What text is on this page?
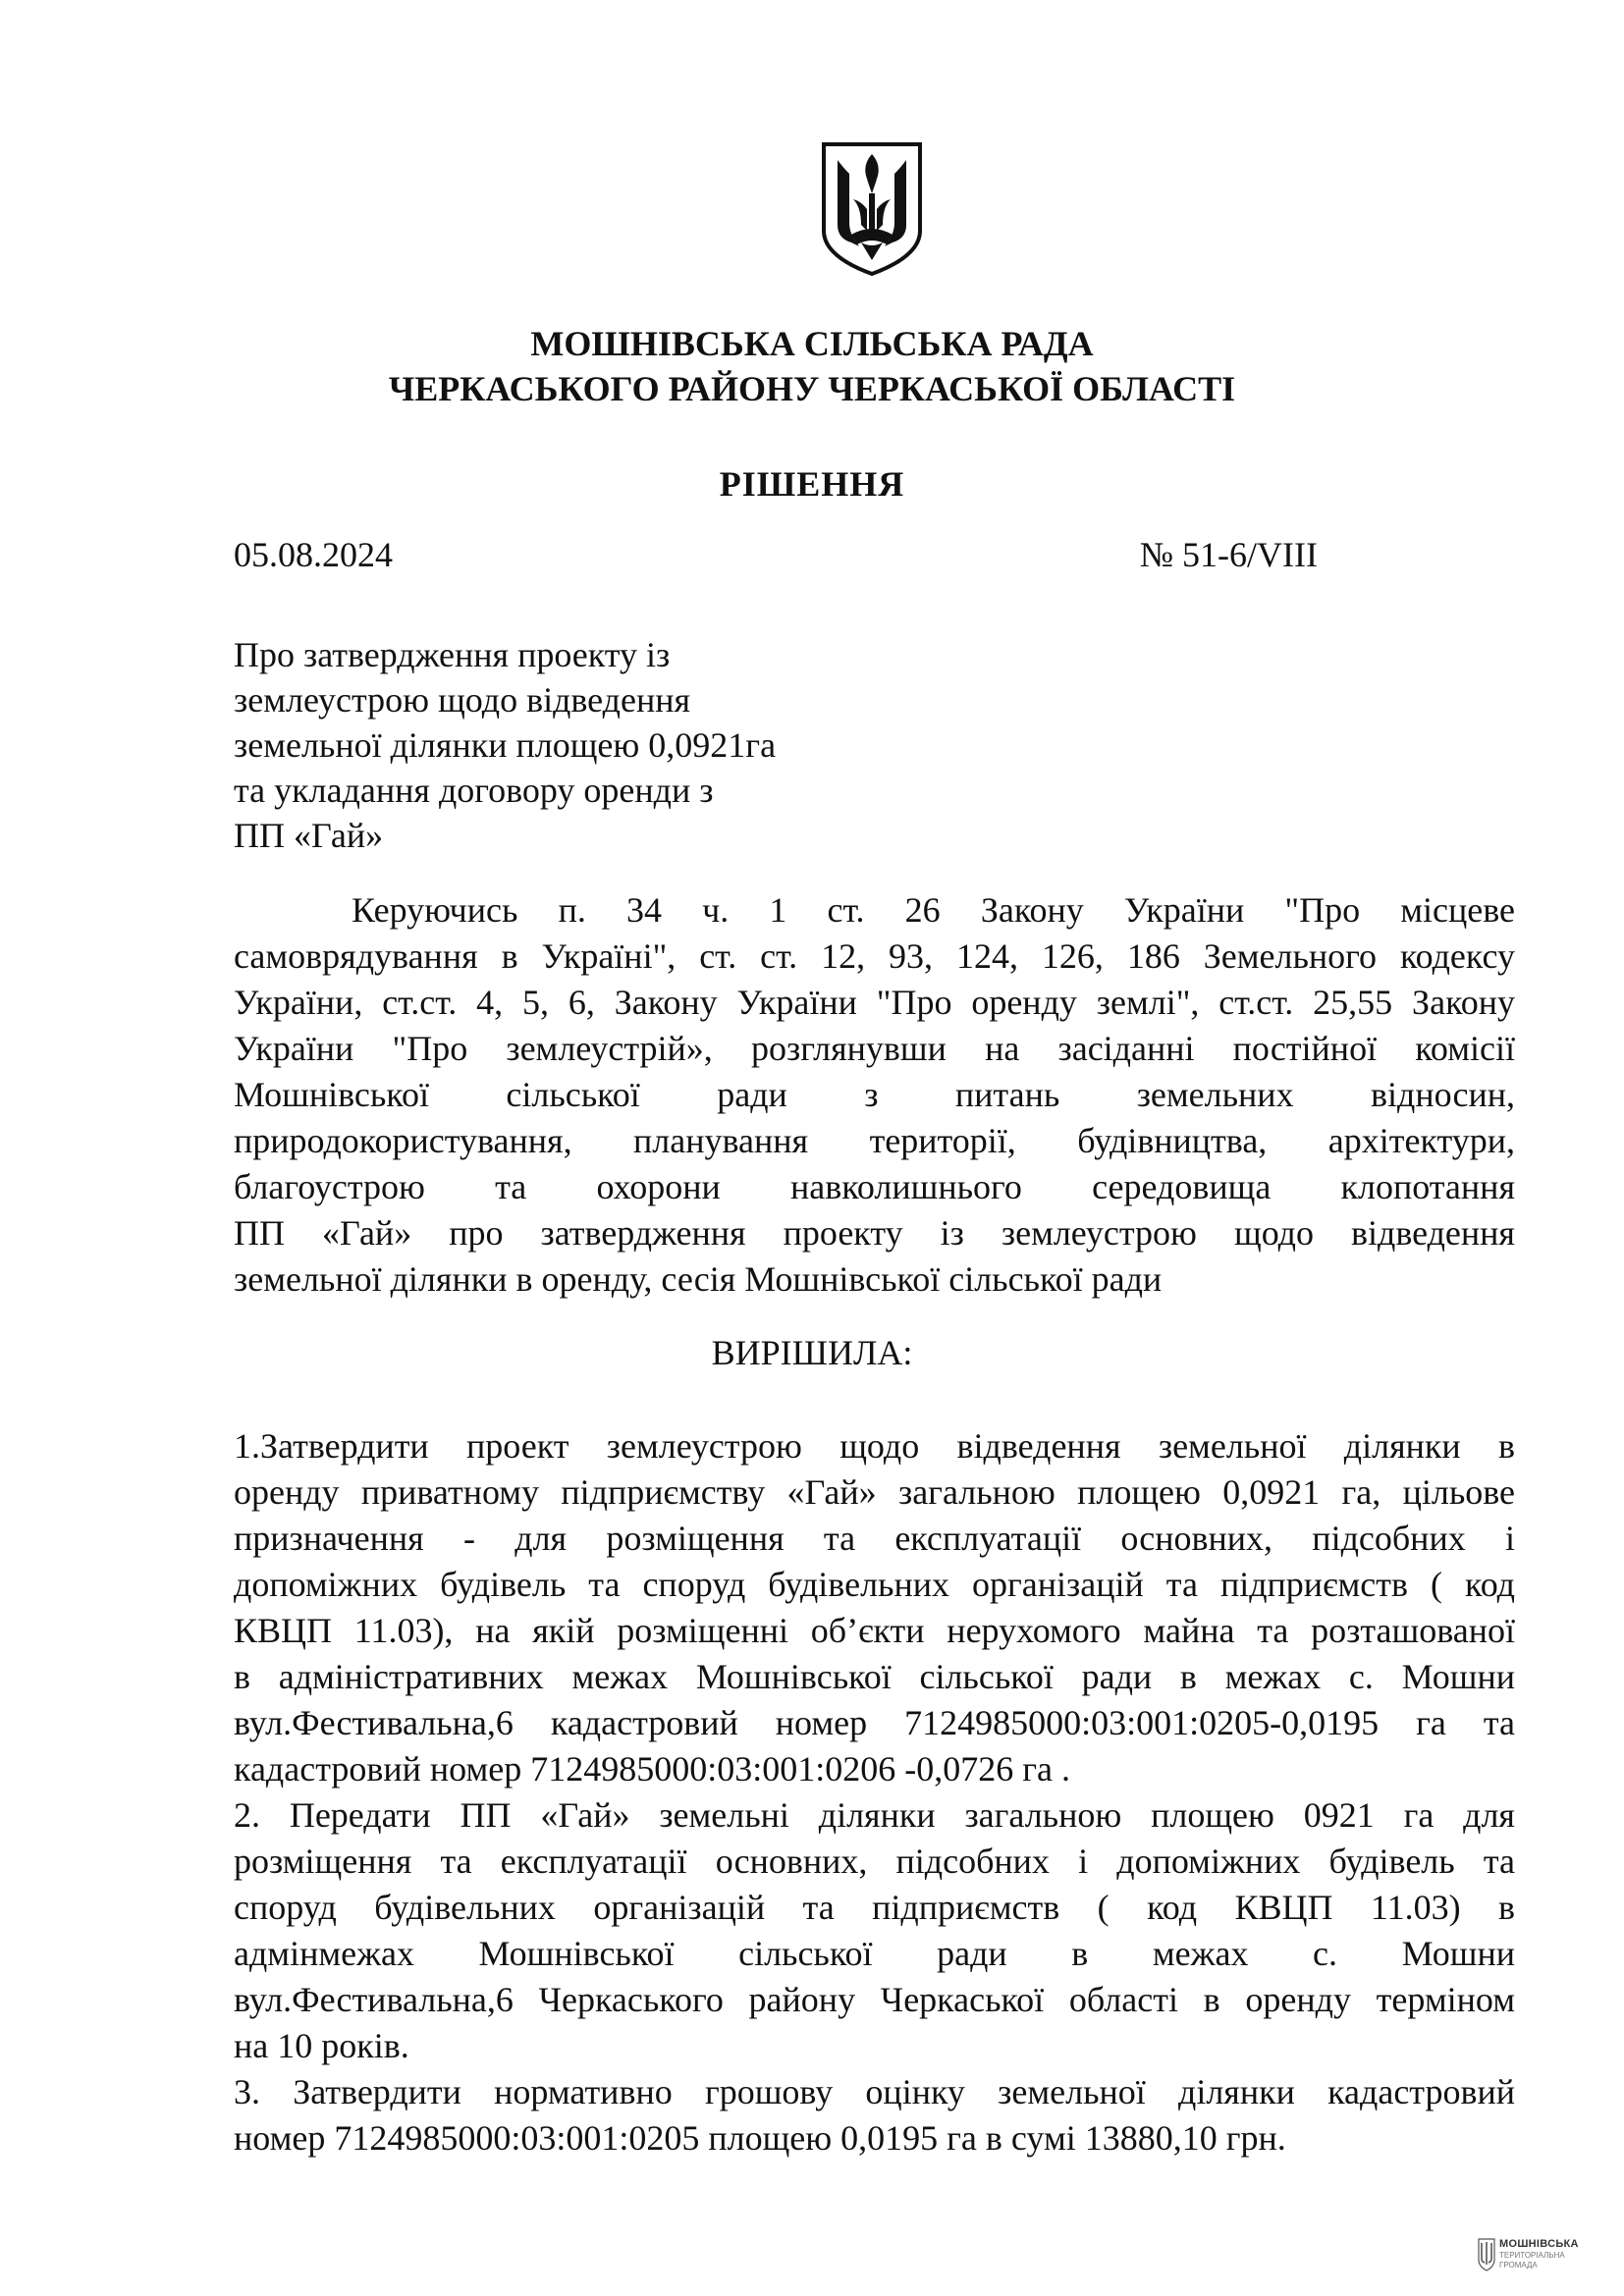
МОШНІВСЬКА СІЛЬСЬКА РАДА
ЧЕРКАСЬКОГО РАЙОНУ ЧЕРКАСЬКОЇ ОБЛАСТІ
РІШЕННЯ
05.08.2024	№ 51-6/VIII
Про затвердження проекту із
землеустрою щодо відведення
земельної ділянки площею 0,0921га
та укладання договору оренди з
ПП «Гай»
Керуючись п. 34 ч. 1 ст. 26 Закону України "Про місцеве
самоврядування в Україні", ст. ст. 12, 93, 124, 126, 186 Земельного кодексу
України, ст.ст. 4, 5, 6, Закону України "Про оренду землі", ст.ст. 25,55 Закону
України "Про землеустрій», розглянувши на засіданні постійної комісії
Мошнівської сільської ради з питань земельних відносин,
природокористування, планування території, будівництва, архітектури,
благоустрою та охорони навколишнього середовища клопотання
ПП «Гай» про затвердження проекту із землеустрою щодо відведення
земельної ділянки в оренду, сесія Мошнівської сільської ради
ВИРІШИЛА:
1.Затвердити проект землеустрою щодо відведення земельної ділянки в
оренду приватному підприємству «Гай» загальною площею 0,0921 га, цільове
призначення - для розміщення та експлуатації основних, підсобних і
допоміжних будівель та споруд будівельних організацій та підприємств ( код
КВЦП 11.03), на якій розміщенні об’єкти нерухомого майна та розташованої
в адміністративних межах Мошнівської сільської ради в межах с. Мошни
вул.Фестивальна,6 кадастровий номер 7124985000:03:001:0205-0,0195 га та
кадастровий номер 7124985000:03:001:0206 -0,0726 га .
2. Передати ПП «Гай» земельні ділянки загальною площею 0921 га для
розміщення та експлуатації основних, підсобних і допоміжних будівель та
споруд будівельних організацій та підприємств ( код КВЦП 11.03) в
адмінмежах Мошнівської сільської ради в межах с. Мошни
вул.Фестивальна,6 Черкаського району Черкаської області в оренду терміном
на 10 років.
3. Затвердити нормативно грошову оцінку земельної ділянки кадастровий
номер 7124985000:03:001:0205 площею 0,0195 га в сумі 13880,10 грн.
МОШНІВСЬКА
ТЕРИТОРІАЛЬНА
ГРОМАДА
